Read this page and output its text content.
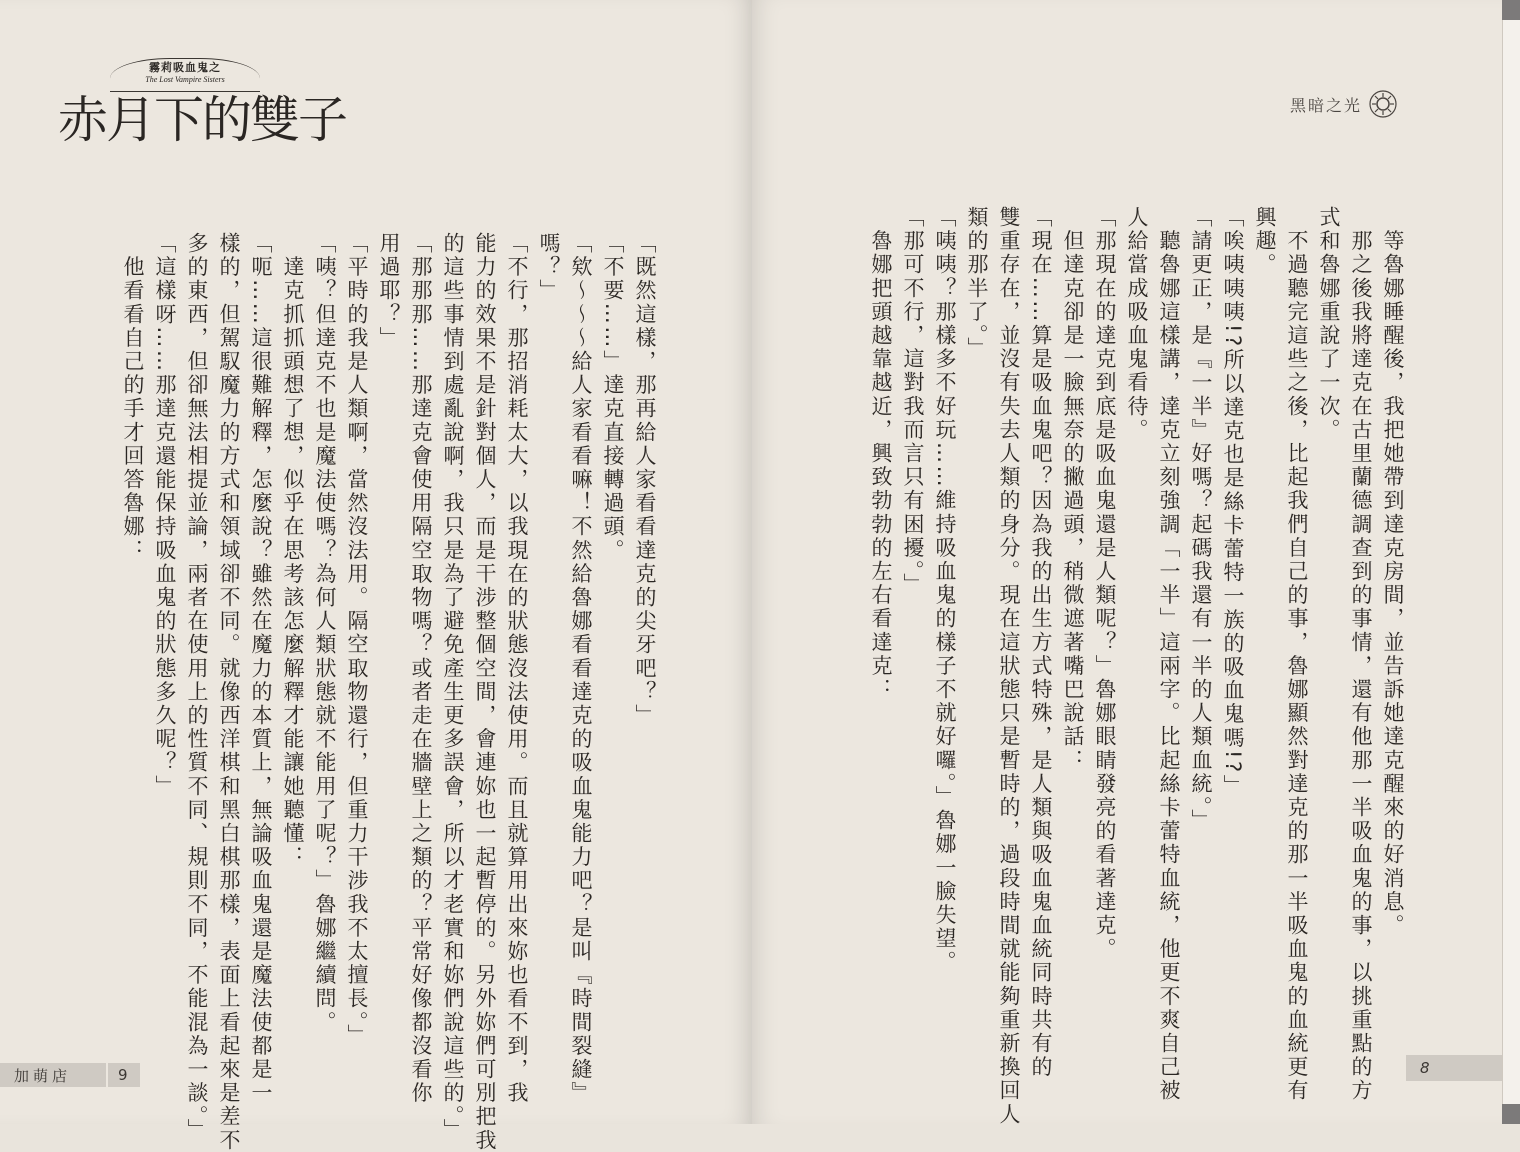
霧莉吸血鬼之
The Lost Vampire Sisters
赤月下的雙子	黑暗之光
　等魯娜睡醒後，我把她帶到達克房間，並告訴她達克醒來的好消息。
　那之後我將達克在古里蘭德調查到的事情，還有他那一半吸血鬼的事，以挑重點的方
式和魯娜重說了一次。
　不過聽完這些之後，比起我們自己的事，魯娜顯然對達克的那一半吸血鬼的血統更有
興趣。
「唉咦咦咦!?所以達克也是絲卡蕾特一族的吸血鬼嗎!?」
「請更正，是『一半』好嗎？起碼我還有一半的人類血統。」
　聽魯娜這樣講，達克立刻強調「一半」這兩字。比起絲卡蕾特血統，他更不爽自己被
人給當成吸血鬼看待。
「那現在的達克到底是吸血鬼還是人類呢？」魯娜眼睛發亮的看著達克。
　但達克卻是一臉無奈的撇過頭，稍微遮著嘴巴說話：
「現在……算是吸血鬼吧？因為我的出生方式特殊，是人類與吸血鬼血統同時共有的
雙重存在，並沒有失去人類的身分。現在這狀態只是暫時的，過段時間就能夠重新換回人
類的那半了。」
「咦咦？那樣多不好玩……維持吸血鬼的樣子不就好囉。」魯娜一臉失望。
「那可不行，這對我而言只有困擾。」
　魯娜把頭越靠越近，興致勃勃的左右看達克：
「既然這樣，那再給人家看看達克的尖牙吧？」
「不要……」達克直接轉過頭。
「欸～～～給人家看看嘛！不然給魯娜看看達克的吸血鬼能力吧？是叫『時間裂縫』
嗎？」
「不行，那招消耗太大，以我現在的狀態沒法使用。而且就算用出來妳也看不到，我
能力的效果不是針對個人，而是干涉整個空間，會連妳也一起暫停的。另外妳們可別把我
的這些事情到處亂說啊，我只是為了避免產生更多誤會，所以才老實和妳們說這些的。」
「那那那……那達克會使用隔空取物嗎？或者走在牆壁上之類的？平常好像都沒看你
用過耶？」
「平時的我是人類啊，當然沒法用。隔空取物還行，但重力干涉我不太擅長。」
「咦？但達克不也是魔法使嗎？為何人類狀態就不能用了呢？」魯娜繼續問。
　達克抓抓頭想了想，似乎在思考該怎麼解釋才能讓她聽懂：
「呃……這很難解釋，怎麼說？雖然在魔力的本質上，無論吸血鬼還是魔法使都是一
樣的，但駕馭魔力的方式和領域卻不同。就像西洋棋和黑白棋那樣，表面上看起來是差不
多的東西，但卻無法相提並論，兩者在使用上的性質不同、規則不同，不能混為一談。」
「這樣呀……那達克還能保持吸血鬼的狀態多久呢？」
　他看看自己的手才回答魯娜：
加萌店	9	8
